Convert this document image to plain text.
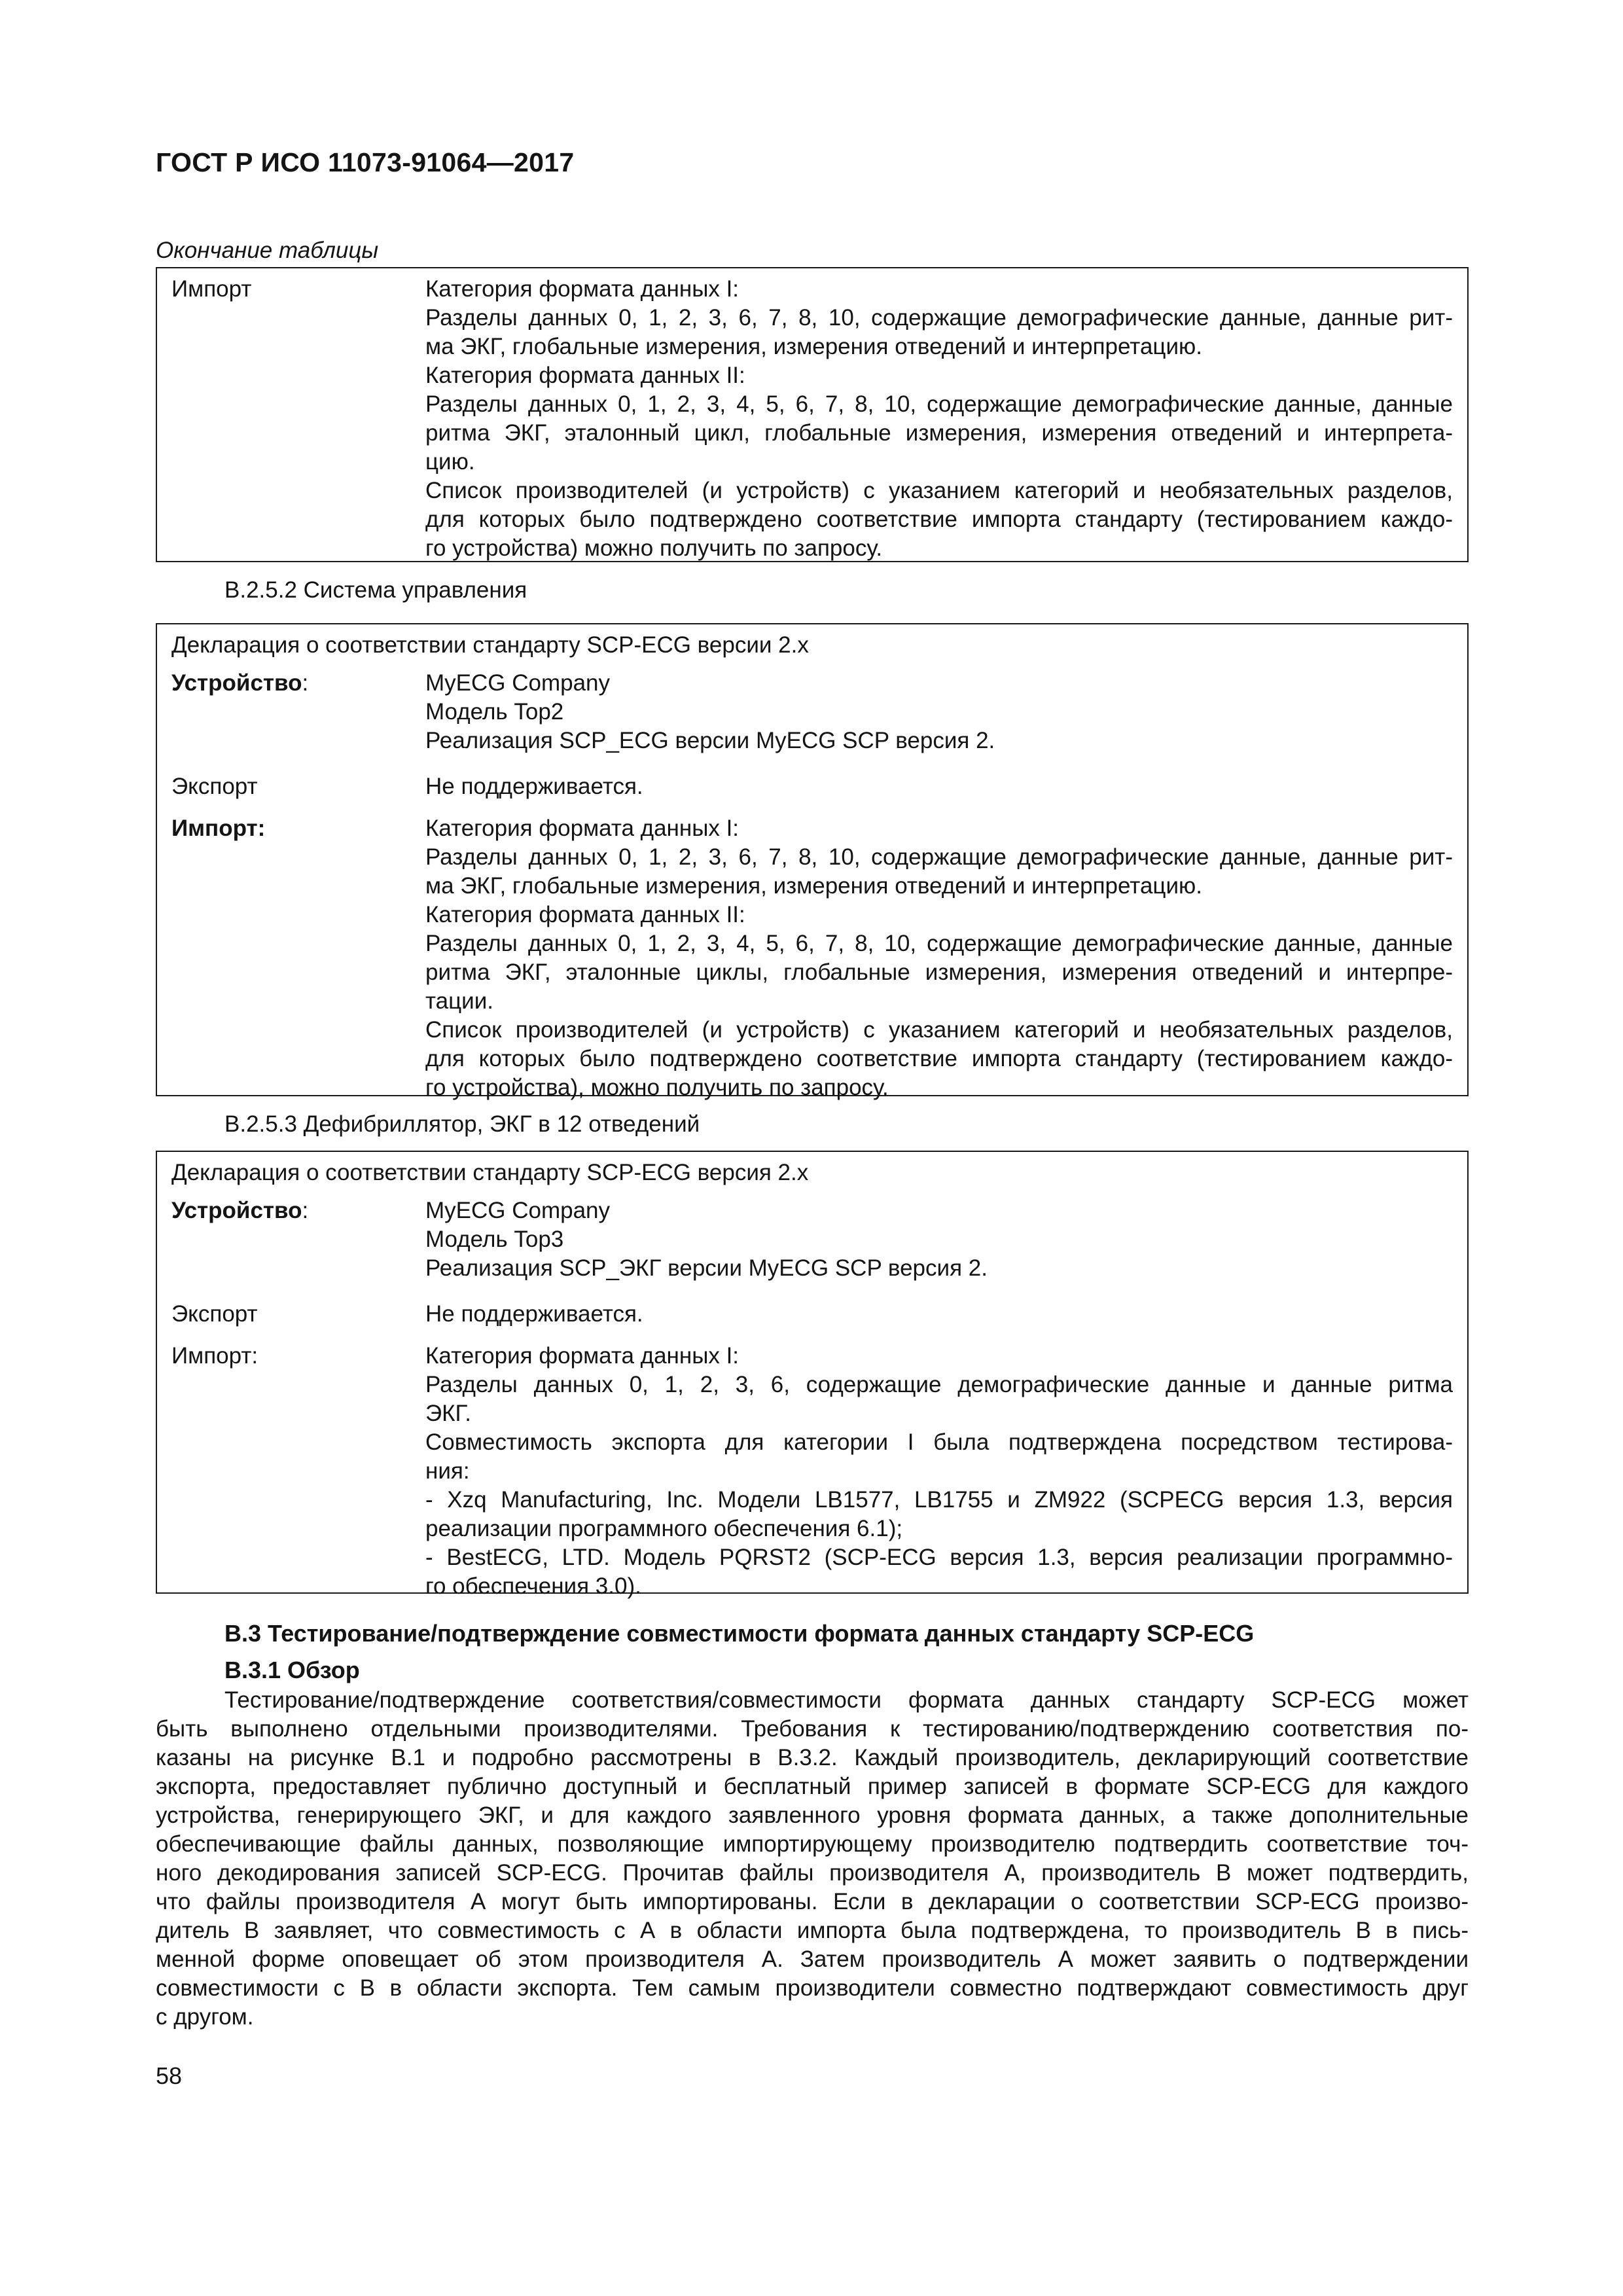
ГОСТ Р ИСО 11073-91064—2017
Окончание таблицы
Импорт	Категория формата данных I:
Разделы данных 0, 1, 2, 3, 6, 7, 8, 10, содержащие демографические данные, данные рит-
ма ЭКГ, глобальные измерения, измерения отведений и интерпретацию.
Категория формата данных II:
Разделы данных 0, 1, 2, 3, 4, 5, 6, 7, 8, 10, содержащие демографические данные, данные
ритма ЭКГ, эталонный цикл, глобальные измерения, измерения отведений и интерпрета-
цию.
Список производителей (и устройств) с указанием категорий и необязательных разделов,
для которых было подтверждено соответствие импорта стандарту (тестированием каждо-
го устройства) можно получить по запросу.
В.2.5.2 Система управления
Декларация о соответствии стандарту SCP-ECG версии 2.x
Устройство:	MyECG Company
Модель Top2
Реализация SCP_ECG версии MyECG SCP версия 2.
Экспорт	Не поддерживается.
Импорт:	Категория формата данных I:
Разделы данных 0, 1, 2, 3, 6, 7, 8, 10, содержащие демографические данные, данные рит-
ма ЭКГ, глобальные измерения, измерения отведений и интерпретацию.
Категория формата данных II:
Разделы данных 0, 1, 2, 3, 4, 5, 6, 7, 8, 10, содержащие демографические данные, данные
ритма ЭКГ, эталонные циклы, глобальные измерения, измерения отведений и интерпре-
тации.
Список производителей (и устройств) с указанием категорий и необязательных разделов,
для которых было подтверждено соответствие импорта стандарту (тестированием каждо-
го устройства), можно получить по запросу.
В.2.5.3 Дефибриллятор, ЭКГ в 12 отведений
Декларация о соответствии стандарту SCP-ECG версия 2.x
Устройство:	MyECG Company
Модель Top3
Реализация SCP_ЭКГ версии MyECG SCP версия 2.
Экспорт	Не поддерживается.
Импорт:	Категория формата данных I:
Разделы данных 0, 1, 2, 3, 6, содержащие демографические данные и данные ритма
ЭКГ.
Совместимость экспорта для категории I была подтверждена посредством тестирова-
ния:
- Xzq Manufacturing, Inc. Модели LB1577, LB1755 и ZM922 (SCPECG версия 1.3, версия
реализации программного обеспечения 6.1);
- BestECG, LTD. Модель PQRST2 (SCP-ECG версия 1.3, версия реализации программно-
го обеспечения 3.0).
В.3 Тестирование/подтверждение совместимости формата данных стандарту SCP-ECG
В.3.1 Обзор
Тестирование/подтверждение соответствия/совместимости формата данных стандарту SCP-ECG может
быть выполнено отдельными производителями. Требования к тестированию/подтверждению соответствия по-
казаны на рисунке В.1 и подробно рассмотрены в В.3.2. Каждый производитель, декларирующий соответствие
экспорта, предоставляет публично доступный и бесплатный пример записей в формате SCP-ECG для каждого
устройства, генерирующего ЭКГ, и для каждого заявленного уровня формата данных, а также дополнительные
обеспечивающие файлы данных, позволяющие импортирующему производителю подтвердить соответствие точ-
ного декодирования записей SCP-ECG. Прочитав файлы производителя А, производитель В может подтвердить,
что файлы производителя А могут быть импортированы. Если в декларации о соответствии SCP-ECG произво-
дитель В заявляет, что совместимость с А в области импорта была подтверждена, то производитель В в пись-
менной форме оповещает об этом производителя А. Затем производитель А может заявить о подтверждении
совместимости с В в области экспорта. Тем самым производители совместно подтверждают совместимость друг
с другом.
58
